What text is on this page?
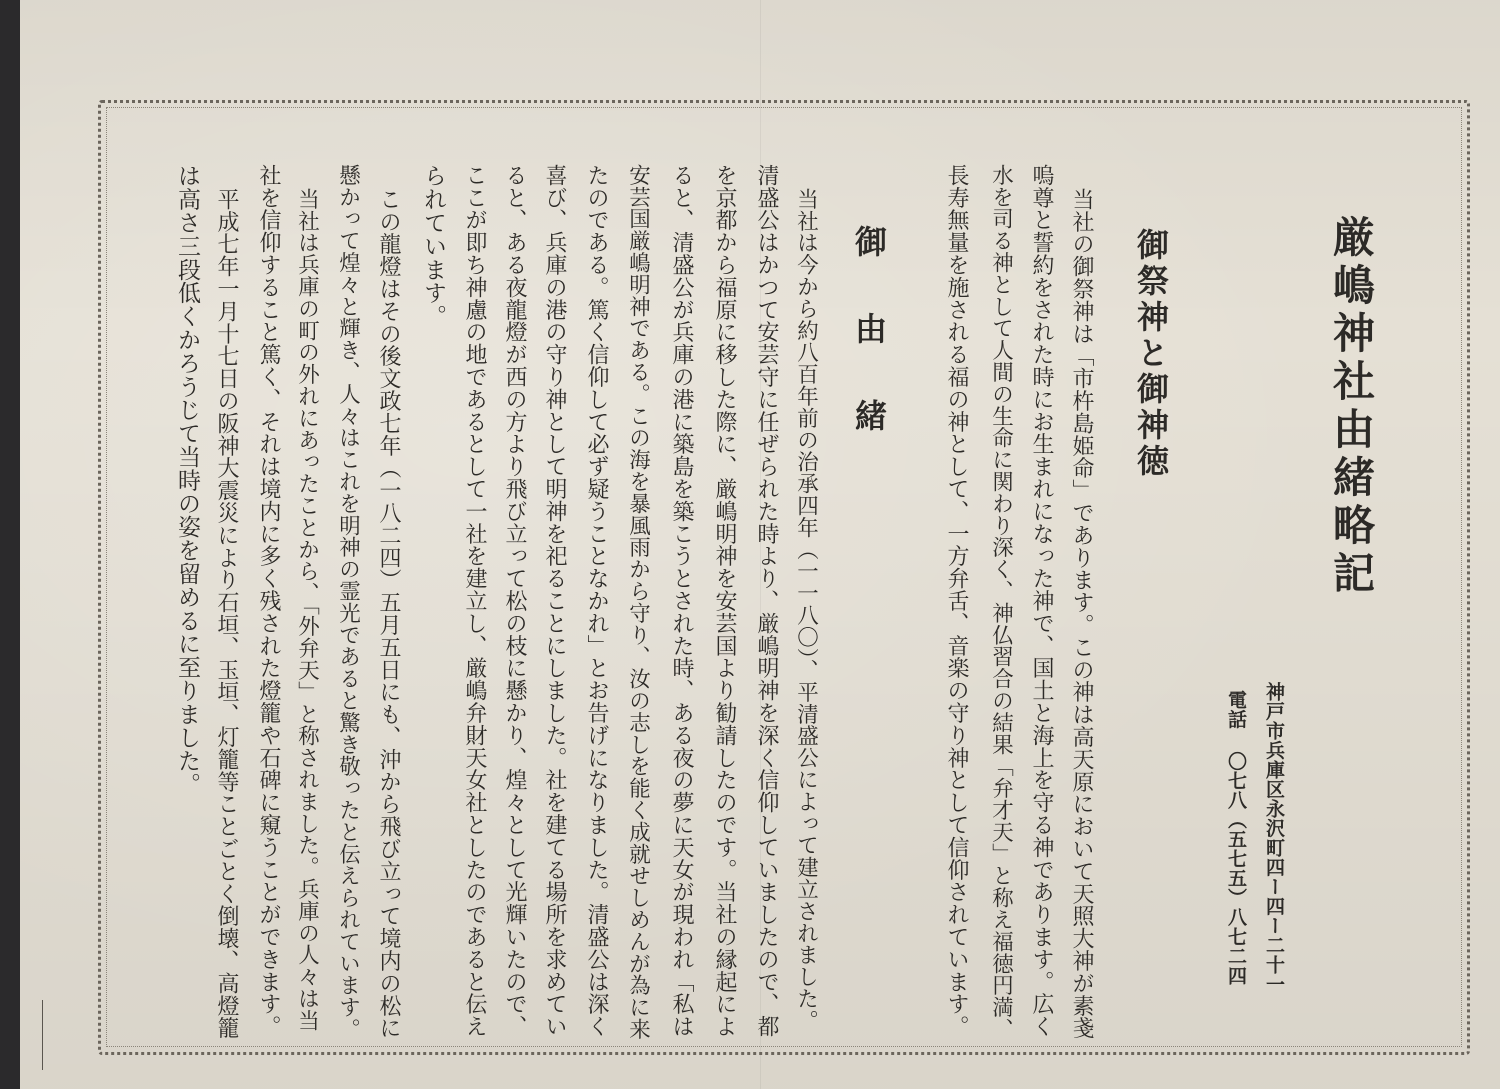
厳嶋神社由緒略記
神戸市兵庫区永沢町四ー四ー二十一
電話 〇七八（五七五）八七二四
御祭神と御神徳
当社の御祭神は「市杵島姫命」であります。この神は高天原において天照大神が素戔
嗚尊と誓約をされた時にお生まれになった神で、国土と海上を守る神であります。広く
水を司る神として人間の生命に関わり深く、神仏習合の結果「弁才天」と称え福徳円満、
長寿無量を施される福の神として、一方弁舌、音楽の守り神として信仰されています。
御由緒
当社は今から約八百年前の治承四年（一一八〇）、平清盛公によって建立されました。
清盛公はかつて安芸守に任ぜられた時より、厳嶋明神を深く信仰していましたので、都
を京都から福原に移した際に、厳嶋明神を安芸国より勧請したのです。当社の縁起によ
ると、清盛公が兵庫の港に築島を築こうとされた時、ある夜の夢に天女が現われ「私は
安芸国厳嶋明神である。この海を暴風雨から守り、汝の志しを能く成就せしめんが為に来
たのである。篤く信仰して必ず疑うことなかれ」とお告げになりました。清盛公は深く
喜び、兵庫の港の守り神として明神を祀ることにしました。社を建てる場所を求めてい
ると、ある夜龍燈が西の方より飛び立って松の枝に懸かり、煌々として光輝いたので、
ここが即ち神慮の地であるとして一社を建立し、厳嶋弁財天女社としたのであると伝え
られています。
この龍燈はその後文政七年（一八二四）五月五日にも、沖から飛び立って境内の松に
懸かって煌々と輝き、人々はこれを明神の霊光であると驚き敬ったと伝えられています。
当社は兵庫の町の外れにあったことから、「外弁天」と称されました。兵庫の人々は当
社を信仰すること篤く、それは境内に多く残された燈籠や石碑に窺うことができます。
平成七年一月十七日の阪神大震災により石垣、玉垣、灯籠等ことごとく倒壊、高燈籠
は高さ三段低くかろうじて当時の姿を留めるに至りました。
